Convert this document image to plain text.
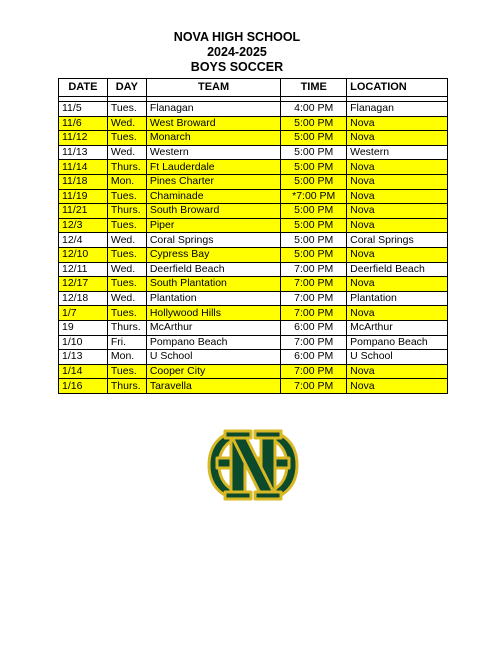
NOVA HIGH SCHOOL
2024-2025
BOYS SOCCER
DATE	DAY	TEAM	TIME	LOCATION

11/5	Tues.	Flanagan	4:00 PM	Flanagan
11/6	Wed.	West Broward	5:00 PM	Nova
11/12	Tues.	Monarch	5:00 PM	Nova
11/13	Wed.	Western	5:00 PM	Western
11/14	Thurs.	Ft Lauderdale	5:00 PM	Nova
11/18	Mon.	Pines Charter	5:00 PM	Nova
11/19	Tues.	Chaminade	*7:00 PM	Nova
11/21	Thurs.	South Broward	5:00 PM	Nova
12/3	Tues.	Piper	5:00 PM	Nova
12/4	Wed.	Coral Springs	5:00 PM	Coral Springs
12/10	Tues.	Cypress Bay	5:00 PM	Nova
12/11	Wed.	Deerfield Beach	7:00 PM	Deerfield Beach
12/17	Tues.	South Plantation	7:00 PM	Nova
12/18	Wed.	Plantation	7:00 PM	Plantation
1/7	Tues.	Hollywood Hills	7:00 PM	Nova
19	Thurs.	McArthur	6:00 PM	McArthur
1/10	Fri.	Pompano Beach	7:00 PM	Pompano Beach
1/13	Mon.	U School	6:00 PM	U School
1/14	Tues.	Cooper City	7:00 PM	Nova
1/16	Thurs.	Taravella	7:00 PM	Nova
